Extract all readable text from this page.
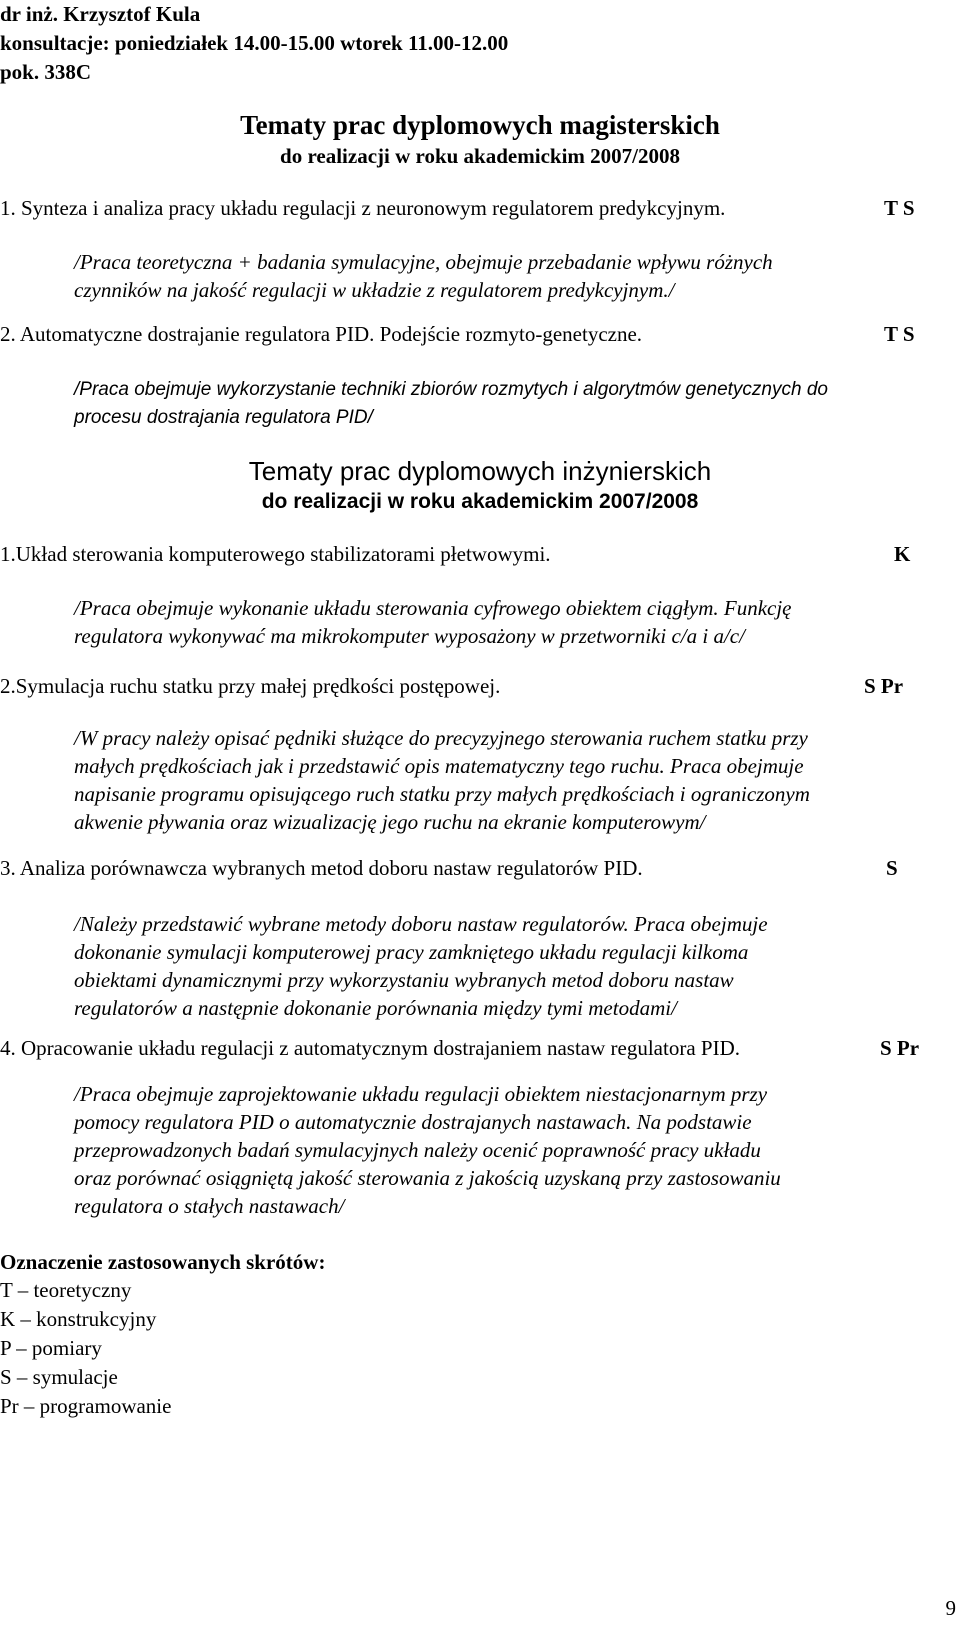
dr inż. Krzysztof Kula
konsultacje: poniedziałek 14.00-15.00 wtorek 11.00-12.00
pok. 338C
Tematy prac dyplomowych magisterskich
do realizacji w roku akademickim 2007/2008
1. Synteza i analiza pracy układu regulacji z neuronowym regulatorem predykcyjnym.	T S
/Praca teoretyczna + badania symulacyjne, obejmuje przebadanie wpływu różnych
czynników na jakość regulacji w układzie z regulatorem predykcyjnym./
2. Automatyczne dostrajanie regulatora PID. Podejście rozmyto-genetyczne.	T S
/Praca obejmuje wykorzystanie techniki zbiorów rozmytych i algorytmów genetycznych do
procesu dostrajania regulatora PID/
Tematy prac dyplomowych inżynierskich
do realizacji w roku akademickim 2007/2008
1.Układ sterowania komputerowego stabilizatorami płetwowymi.	K
/Praca obejmuje wykonanie układu sterowania cyfrowego obiektem ciągłym. Funkcję
regulatora wykonywać ma mikrokomputer wyposażony w przetworniki c/a i a/c/
2.Symulacja ruchu statku przy małej prędkości postępowej.	S Pr
/W pracy należy opisać pędniki służące do precyzyjnego sterowania ruchem statku przy
małych prędkościach jak i przedstawić opis matematyczny tego ruchu. Praca obejmuje
napisanie programu opisującego ruch statku przy małych prędkościach i ograniczonym
akwenie pływania oraz wizualizację jego ruchu na ekranie komputerowym/
3. Analiza porównawcza wybranych metod doboru nastaw regulatorów PID.	S
/Należy przedstawić wybrane metody doboru nastaw regulatorów. Praca obejmuje
dokonanie symulacji komputerowej pracy zamkniętego układu regulacji kilkoma
obiektami dynamicznymi przy wykorzystaniu wybranych metod doboru nastaw
regulatorów a następnie dokonanie porównania między tymi metodami/
4. Opracowanie układu regulacji z automatycznym dostrajaniem nastaw regulatora PID.	S Pr
/Praca obejmuje zaprojektowanie układu regulacji obiektem niestacjonarnym przy
pomocy regulatora PID o automatycznie dostrajanych nastawach. Na podstawie
przeprowadzonych badań symulacyjnych należy ocenić poprawność pracy układu
oraz porównać osiągniętą jakość sterowania z jakością uzyskaną przy zastosowaniu
regulatora o stałych nastawach/
Oznaczenie zastosowanych skrótów:
T – teoretyczny
K – konstrukcyjny
P – pomiary
S – symulacje
Pr – programowanie
9
